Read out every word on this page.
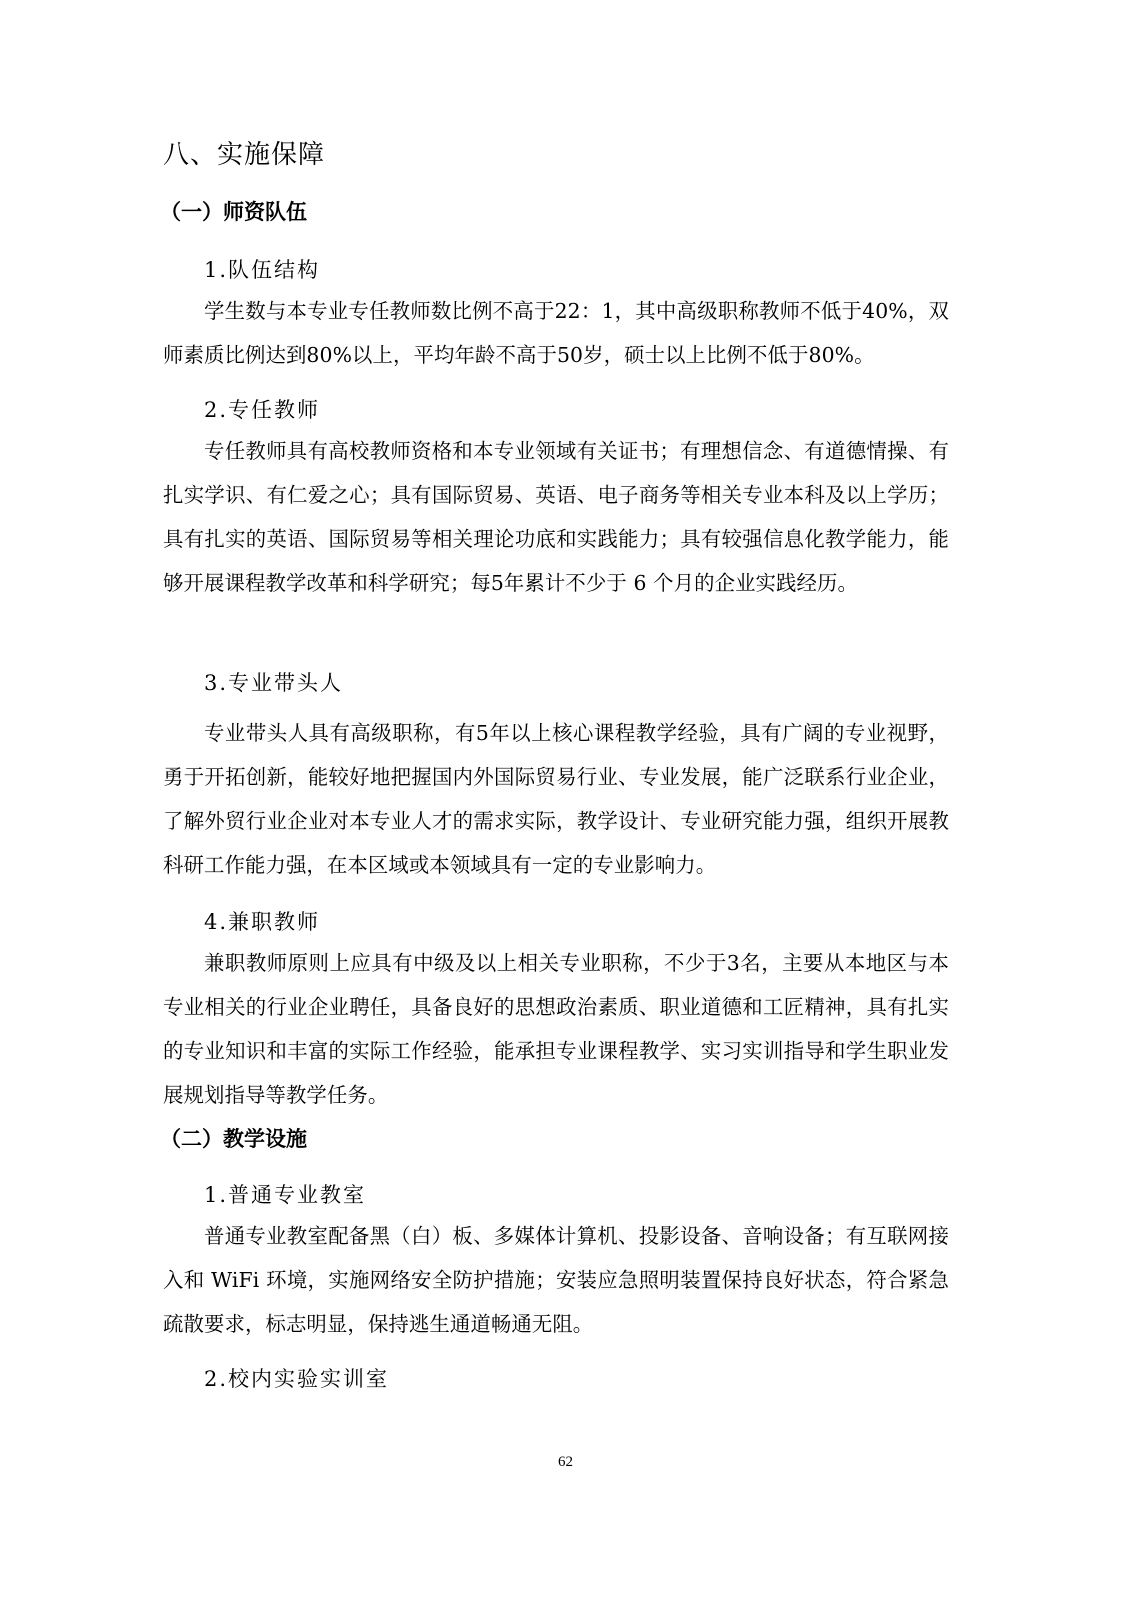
八、实施保障
（一）师资队伍
1.队伍结构

学生数与本专业专任教师数比例不高于22：1，其中高级职称教师不低于40%，双师素质比例达到80%以上，平均年龄不高于50岁，硕士以上比例不低于80%。

2.专任教师

专任教师具有高校教师资格和本专业领域有关证书；有理想信念、有道德情操、有扎实学识、有仁爱之心；具有国际贸易、英语、电子商务等相关专业本科及以上学历；具有扎实的英语、国际贸易等相关理论功底和实践能力；具有较强信息化教学能力，能够开展课程教学改革和科学研究；每5年累计不少于 6 个月的企业实践经历。

3.专业带头人

专业带头人具有高级职称，有5年以上核心课程教学经验，具有广阔的专业视野，勇于开拓创新，能较好地把握国内外国际贸易行业、专业发展，能广泛联系行业企业，了解外贸行业企业对本专业人才的需求实际，教学设计、专业研究能力强，组织开展教科研工作能力强，在本区域或本领域具有一定的专业影响力。

4.兼职教师

兼职教师原则上应具有中级及以上相关专业职称，不少于3名，主要从本地区与本专业相关的行业企业聘任，具备良好的思想政治素质、职业道德和工匠精神，具有扎实的专业知识和丰富的实际工作经验，能承担专业课程教学、实习实训指导和学生职业发展规划指导等教学任务。

（二）教学设施
1.普通专业教室

普通专业教室配备黑（白）板、多媒体计算机、投影设备、音响设备；有互联网接入和 WiFi 环境，实施网络安全防护措施；安装应急照明装置保持良好状态，符合紧急疏散要求，标志明显，保持逃生通道畅通无阻。

2.校内实验实训室
62
